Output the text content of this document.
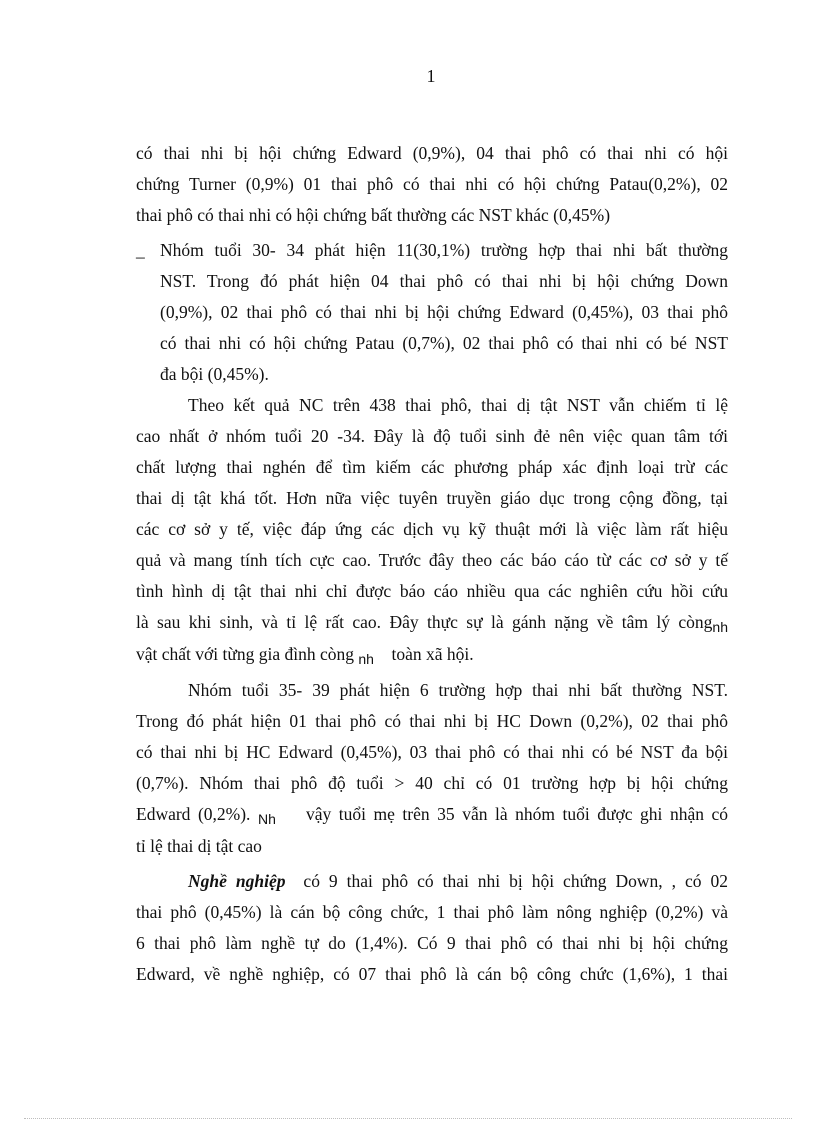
1
có thai nhi bị hội chứng Edward (0,9%), 04 thai phô có thai nhi có hội
chứng Turner (0,9%) 01 thai phô có thai nhi có hội chứng Patau(0,2%), 02
thai phô có thai nhi có hội chứng bất thường các NST khác (0,45%)
_ Nhóm tuổi 30- 34 phát hiện 11(30,1%) trường hợp thai nhi bất thường
NST. Trong đó phát hiện 04 thai phô có thai nhi bị hội chứng Down
(0,9%), 02 thai phô có thai nhi bị hội chứng Edward (0,45%), 03 thai phô
có thai nhi có hội chứng Patau (0,7%), 02 thai phô có thai nhi có bé NST
đa bội (0,45%).
Theo kết quả NC trên 438 thai phô, thai dị tật NST vẫn chiếm tỉ lệ
cao nhất ở nhóm tuổi 20 -34. Đây là độ tuổi sinh đẻ nên việc quan tâm tới
chất lượng thai nghén để tìm kiếm các phương pháp xác định loại trừ các
thai dị tật khá tốt. Hơn nữa việc tuyên truyền giáo dục trong cộng đồng, tại
các cơ sở y tế, việc đáp ứng các dịch vụ kỹ thuật mới là việc làm rất hiệu
quả và mang tính tích cực cao. Trước đây theo các báo cáo từ các cơ sở y tế
tình hình dị tật thai nhi chỉ được báo cáo nhiều qua các nghiên cứu hồi cứu
là sau khi sinh, và tỉ lệ rất cao. Đây thực sự là gánh nặng về tâm lý còng$_{nh}$
vật chất với từng gia đình còng $_{nh}$ toàn xã hội.
Nhóm tuổi 35- 39 phát hiện 6 trường hợp thai nhi bất thường NST.
Trong đó phát hiện 01 thai phô có thai nhi bị HC Down (0,2%), 02 thai phô
có thai nhi bị HC Edward (0,45%), 03 thai phô có thai nhi có bé NST đa bội
(0,7%). Nhóm thai phô độ tuổi > 40 chỉ có 01 trường hợp bị hội chứng
Edward (0,2%). $_{Nh}$ vậy tuổi mẹ trên 35 vẫn là nhóm tuổi được ghi nhận có
tỉ lệ thai dị tật cao
Nghề nghiệp có 9 thai phô có thai nhi bị hội chứng Down, , có 02
thai phô (0,45%) là cán bộ công chức, 1 thai phô làm nông nghiệp (0,2%) và
6 thai phô làm nghề tự do (1,4%). Có 9 thai phô có thai nhi bị hội chứng
Edward, về nghề nghiệp, có 07 thai phô là cán bộ công chức (1,6%), 1 thai
